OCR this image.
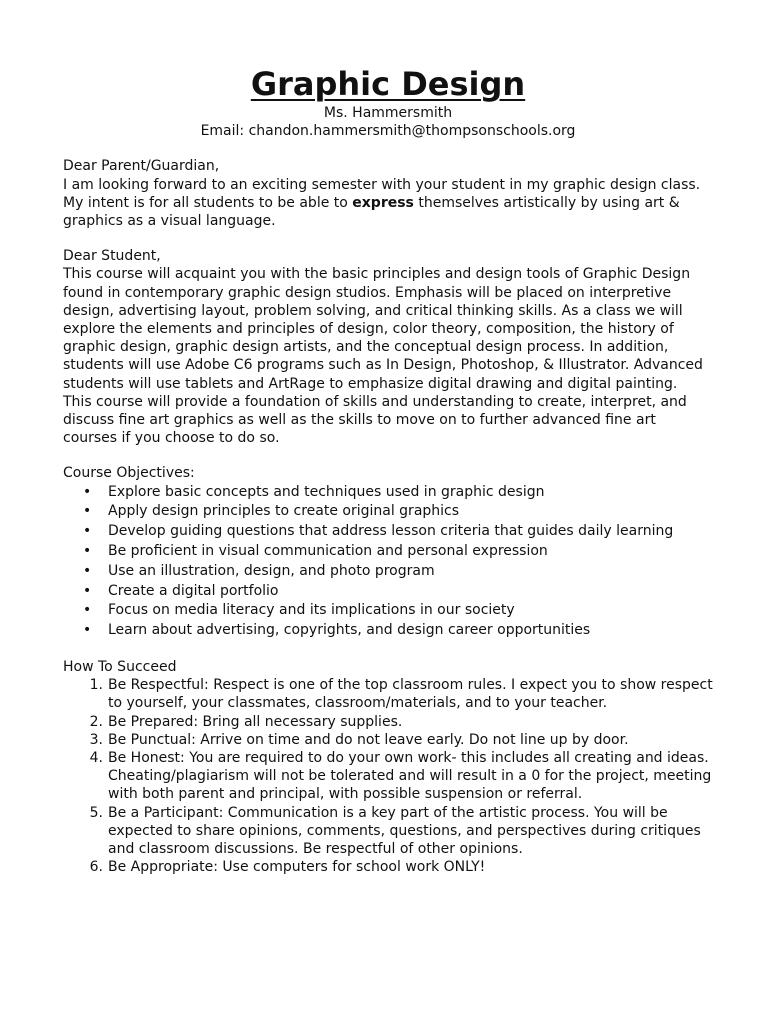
Graphic Design

Ms. Hammersmith

Email: chandon.hammersmith@thompsonschools.org

Dear Parent/Guardian,

I am looking forward to an exciting semester with your student in my graphic design class. My intent is for all students to be able to express themselves artistically by using art & graphics as a visual language.

Dear Student,

This course will acquaint you with the basic principles and design tools of Graphic Design found in contemporary graphic design studios. Emphasis will be placed on interpretive design, advertising layout, problem solving, and critical thinking skills. As a class we will explore the elements and principles of design, color theory, composition, the history of graphic design, graphic design artists, and the conceptual design process. In addition, students will use Adobe C6 programs such as In Design, Photoshop, & Illustrator. Advanced students will use tablets and ArtRage to emphasize digital drawing and digital painting.

This course will provide a foundation of skills and understanding to create, interpret, and discuss fine art graphics as well as the skills to move on to further advanced fine art courses if you choose to do so.

Course Objectives:

• Explore basic concepts and techniques used in graphic design
• Apply design principles to create original graphics
• Develop guiding questions that address lesson criteria that guides daily learning
• Be proficient in visual communication and personal expression
• Use an illustration, design, and photo program
• Create a digital portfolio
• Focus on media literacy and its implications in our society
• Learn about advertising, copyrights, and design career opportunities

How To Succeed

1 . Be Respectful: Respect is one of the top classroom rules. I expect you to show respect to yourself, your classmates, classroom/materials, and to your teacher.
2 . Be Prepared: Bring all necessary supplies.
3 . Be Punctual: Arrive on time and do not leave early. Do not line up by door.
4 . Be Honest: You are required to do your own work- this includes all creating and ideas. Cheating/plagiarism will not be tolerated and will result in a 0 for the project, meeting with both parent and principal, with possible suspension or referral.
5 . Be a Participant: Communication is a key part of the artistic process. You will be expected to share opinions, comments, questions, and perspectives during critiques and classroom discussions. Be respectful of other opinions.
6 . Be Appropriate: Use computers for school work ONLY!
